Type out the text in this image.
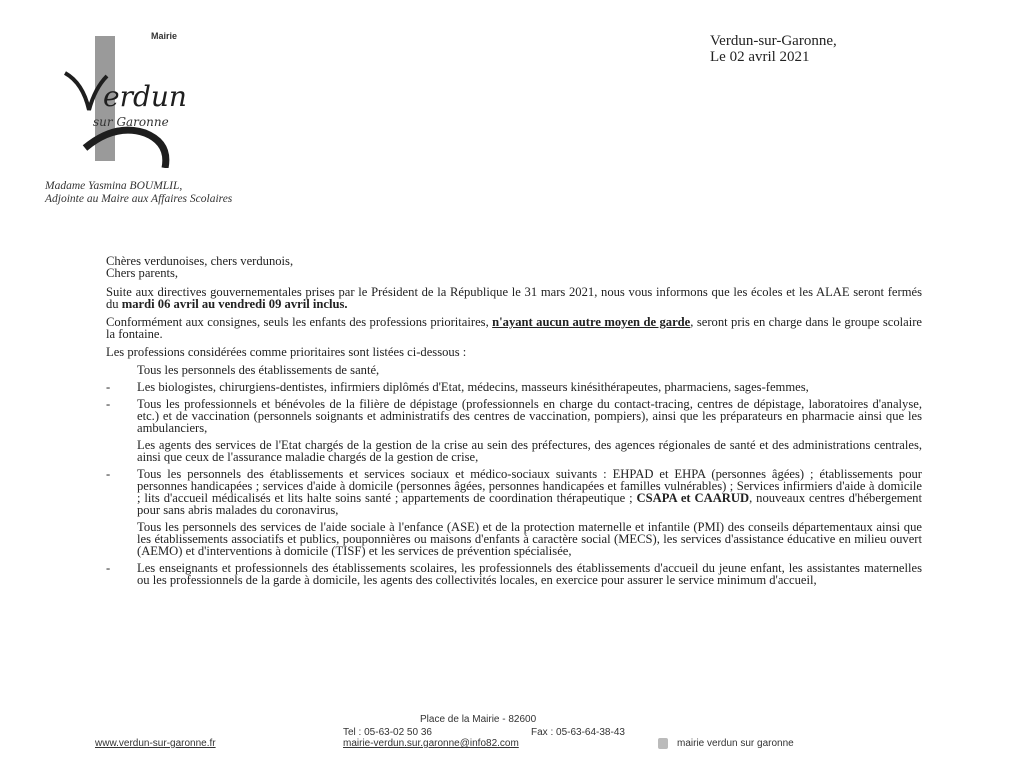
Mairie
erdun
sur Garonne
Verdun-sur-Garonne,
Le 02 avril 2021
Madame Yasmina BOUMLIL,
Adjointe au Maire aux Affaires Scolaires

Chères verdunoises, chers verdunois,

Chers parents,

Suite aux directives gouvernementales prises par le Président de la République le 31 mars 2021, nous vous informons que les écoles et les ALAE seront fermés du mardi 06 avril au vendredi 09 avril inclus.

Conformément aux consignes, seuls les enfants des professions prioritaires, n'ayant aucun autre moyen de garde, seront pris en charge dans le groupe scolaire la fontaine.

Les professions considérées comme prioritaires sont listées ci-dessous :

Tous les personnels des établissements de santé,
- Les biologistes, chirurgiens-dentistes, infirmiers diplômés d'Etat, médecins, masseurs kinésithérapeutes, pharmaciens, sages-femmes,
- Tous les professionnels et bénévoles de la filière de dépistage (professionnels en charge du contact-tracing, centres de dépistage, laboratoires d'analyse, etc.) et de vaccination (personnels soignants et administratifs des centres de vaccination, pompiers), ainsi que les préparateurs en pharmacie ainsi que les ambulanciers,
Les agents des services de l'Etat chargés de la gestion de la crise au sein des préfectures, des agences régionales de santé et des administrations centrales, ainsi que ceux de l'assurance maladie chargés de la gestion de crise,
- Tous les personnels des établissements et services sociaux et médico-sociaux suivants : EHPAD et EHPA (personnes âgées) ; établissements pour personnes handicapées ; services d'aide à domicile (personnes âgées, personnes handicapées et familles vulnérables) ; Services infirmiers d'aide à domicile ; lits d'accueil médicalisés et lits halte soins santé ; appartements de coordination thérapeutique ; CSAPA et CAARUD, nouveaux centres d'hébergement pour sans abris malades du coronavirus,
Tous les personnels des services de l'aide sociale à l'enfance (ASE) et de la protection maternelle et infantile (PMI) des conseils départementaux ainsi que les établissements associatifs et publics, pouponnières ou maisons d'enfants à caractère social (MECS), les services d'assistance éducative en milieu ouvert (AEMO) et d'interventions à domicile (TISF) et les services de prévention spécialisée,
- Les enseignants et professionnels des établissements scolaires, les professionnels des établissements d'accueil du jeune enfant, les assistantes maternelles ou les professionnels de la garde à domicile, les agents des collectivités locales, en exercice pour assurer le service minimum d'accueil,
Place de la Mairie - 82600
Tel : 05-63-02 50 36	Fax : 05-63-64-38-43
www.verdun-sur-garonne.fr	mairie-verdun.sur.garonne@info82.com	mairie verdun sur garonne
